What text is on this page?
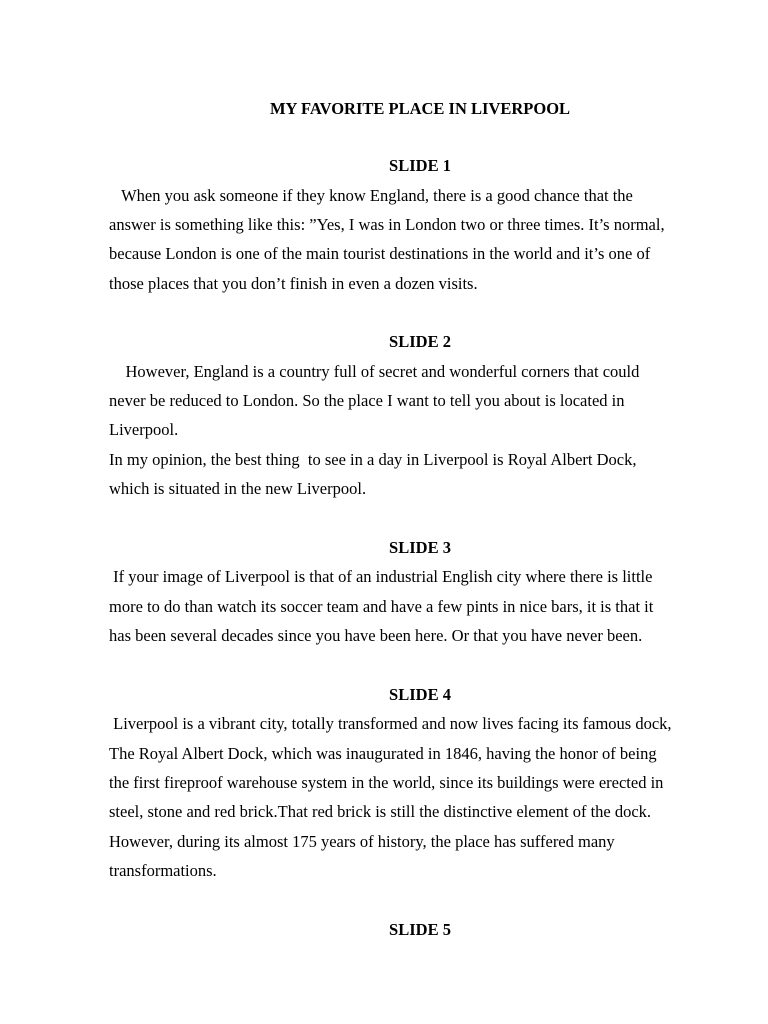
MY FAVORITE PLACE IN LIVERPOOL
SLIDE 1
When you ask someone if they know England, there is a good chance that the
answer is something like this: ”Yes, I was in London two or three times. It’s normal,
because London is one of the main tourist destinations in the world and it’s one of
those places that you don’t finish in even a dozen visits.
SLIDE 2
However, England is a country full of secret and wonderful corners that could
never be reduced to London. So the place I want to tell you about is located in
Liverpool.
In my opinion, the best thing  to see in a day in Liverpool is Royal Albert Dock,
which is situated in the new Liverpool.
SLIDE 3
If your image of Liverpool is that of an industrial English city where there is little
more to do than watch its soccer team and have a few pints in nice bars, it is that it
has been several decades since you have been here. Or that you have never been.
SLIDE 4
Liverpool is a vibrant city, totally transformed and now lives facing its famous dock,
The Royal Albert Dock, which was inaugurated in 1846, having the honor of being
the first fireproof warehouse system in the world, since its buildings were erected in
steel, stone and red brick.That red brick is still the distinctive element of the dock.
However, during its almost 175 years of history, the place has suffered many
transformations.
SLIDE 5
